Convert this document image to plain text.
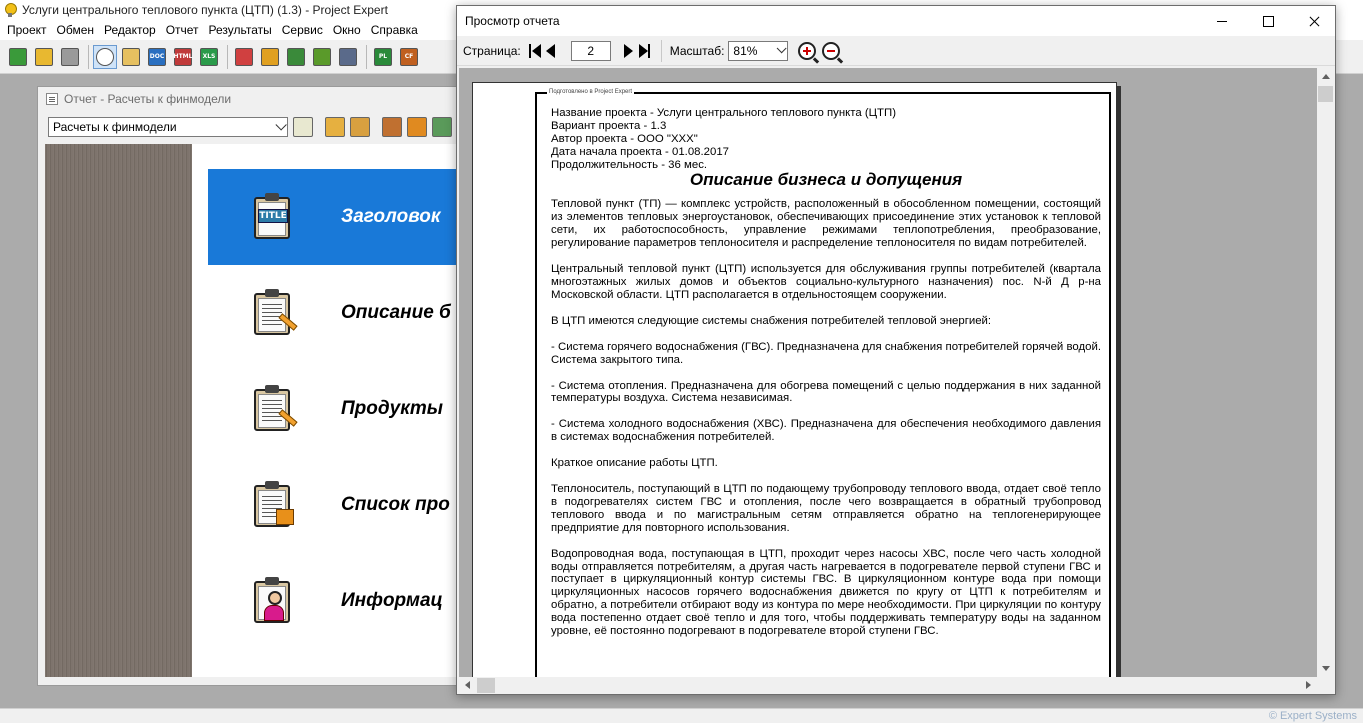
Услуги центрального теплового пункта (ЦТП) (1.3) - Project Expert
Проект Обмен Редактор Отчет Результаты Сервис Окно Справка
DOC HTML	XLS	PL	CF
Отчет - Расчеты к финмодели
Расчеты к финмодели
TITLE	Заголовок
Описание б
Продукты
Список про
Информац
Просмотр отчета
Страница:	2	Масштаб: 81%
Подготовлено в Project Expert
Название проекта - Услуги центрального теплового пункта (ЦТП)
Вариант проекта - 1.3
Автор проекта - ООО "ХХХ"
Дата начала проекта - 01.08.2017
Продолжительность - 36 мес.
Описание бизнеса и допущения

Тепловой пункт (ТП) — комплекс устройств, расположенный в обособленном помещении, состоящий из элементов тепловых энергоустановок, обеспечивающих присоединение этих установок к тепловой сети, их работоспособность, управление режимами теплопотребления, преобразование, регулирование параметров теплоносителя и распределение теплоносителя по видам потребителей.

Центральный тепловой пункт (ЦТП) используется для обслуживания группы потребителей (квартала многоэтажных жилых домов и объектов социально-культурного назначения) пос. N-й Д р-на Московской области. ЦТП располагается в отдельностоящем сооружении.

В ЦТП имеются следующие системы снабжения потребителей тепловой энергией:

- Система горячего водоснабжения (ГВС). Предназначена для снабжения потребителей горячей водой. Система закрытого типа.

- Система отопления. Предназначена для обогрева помещений с целью поддержания в них заданной температуры воздуха. Система независимая.

- Система холодного водоснабжения (ХВС). Предназначена для обеспечения необходимого давления в системах водоснабжения потребителей.

Краткое описание работы ЦТП.

Теплоноситель, поступающий в ЦТП по подающему трубопроводу теплового ввода, отдает своё тепло в подогревателях систем ГВС и отопления, после чего возвращается в обратный трубопровод теплового ввода и по магистральным сетям отправляется обратно на теплогенерирующее предприятие для повторного использования.

Водопроводная вода, поступающая в ЦТП, проходит через насосы ХВС, после чего часть холодной воды отправляется потребителям, а другая часть нагревается в подогревателе первой ступени ГВС и поступает в циркуляционный контур системы ГВС. В циркуляционном контуре вода при помощи циркуляционных насосов горячего водоснабжения движется по кругу от ЦТП к потребителям и обратно, а потребители отбирают воду из контура по мере необходимости. При циркуляции по контуру вода постепенно отдает своё тепло и для того, чтобы поддерживать температуру воды на заданном уровне, её постоянно подогревают в подогревателе второй ступени ГВС.

© Expert Systems
